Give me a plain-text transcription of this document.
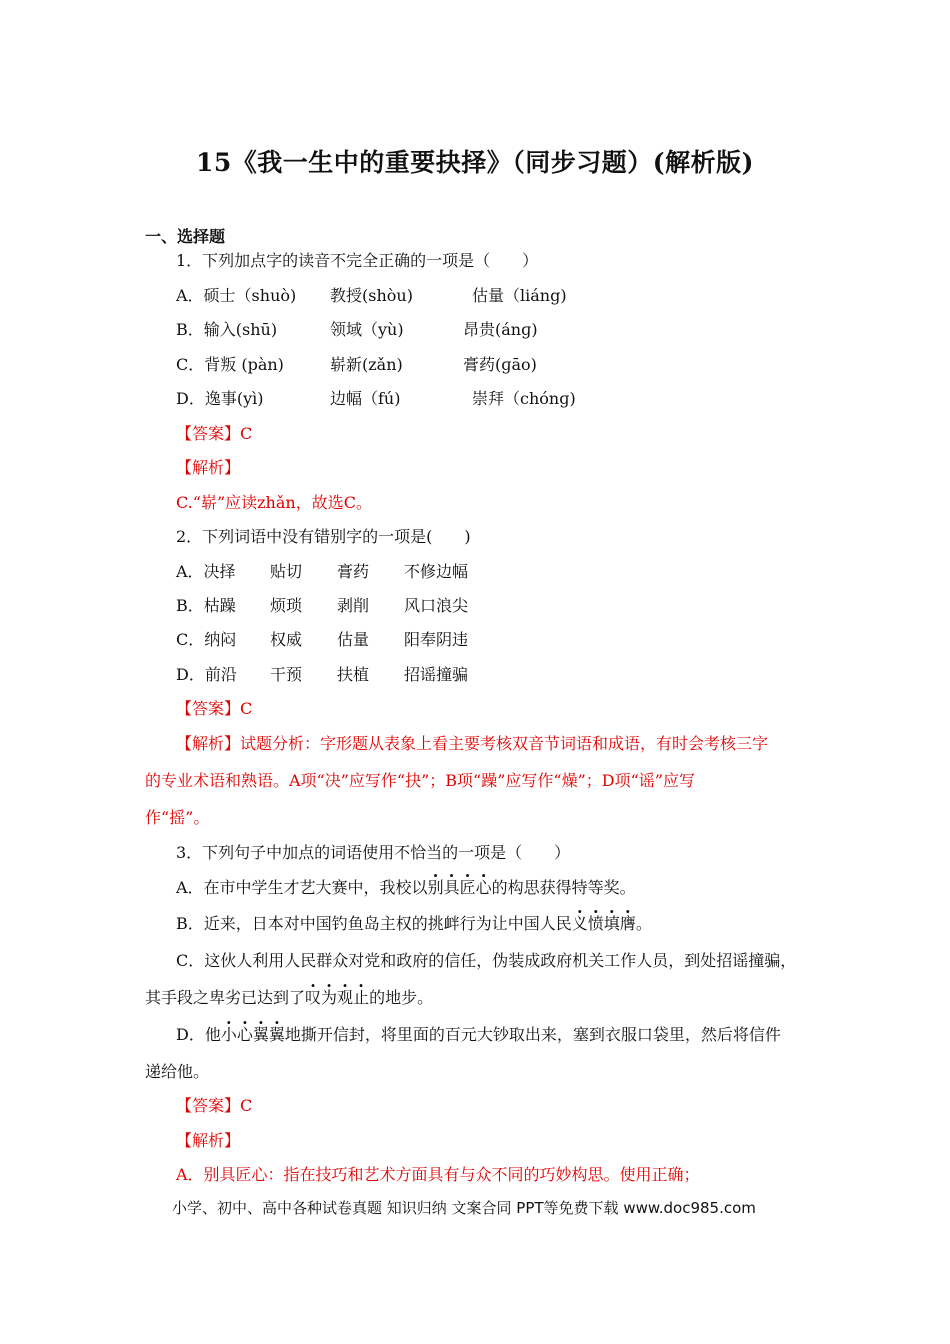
15《我一生中的重要抉择》（同步习题）(解析版)
一、选择题
1．下列加点字的读音不完全正确的一项是（　　）
A．硕士（shuò) 教授(shòu)	估量（liáng)
B．输入(shū)	领域（yù)	昂贵(ánɡ)
C．背叛 (pàn)	崭新(zǎn)	膏药(ɡāo)
D．逸事(yì)	边幅（fú)	崇拜（chónɡ)
【答案】C
【解析】
C.“崭”应读zhǎn，故选C。
2．下列词语中没有错别字的一项是(　　)
A．决择 贴切 膏药 不修边幅
B．枯躁 烦琐 剥削 风口浪尖
C．纳闷 权威 估量 阳奉阴违
D．前沿 干预 扶植 招谣撞骗
【答案】C
【解析】试题分析：字形题从表象上看主要考核双音节词语和成语，有时会考核三字
的专业术语和熟语。A项“决”应写作“抉”；B项“躁”应写作“燥”；D项“谣”应写
作“摇”。
3．下列句子中加点的词语使用不恰当的一项是（　　）
A．在市中学生才艺大赛中，我校以别具匠心的构思获得特等奖。
B．近来，日本对中国钓鱼岛主权的挑衅行为让中国人民义愤填膺。
C．这伙人利用人民群众对党和政府的信任，伪装成政府机关工作人员，到处招谣撞骗，
其手段之卑劣已达到了叹为观止的地步。
D．他小心翼翼地撕开信封，将里面的百元大钞取出来，塞到衣服口袋里，然后将信件
递给他。
【答案】C
【解析】
A．别具匠心：指在技巧和艺术方面具有与众不同的巧妙构思。使用正确；
小学、初中、高中各种试卷真题 知识归纳 文案合同 PPT等免费下载 www.doc985.com
